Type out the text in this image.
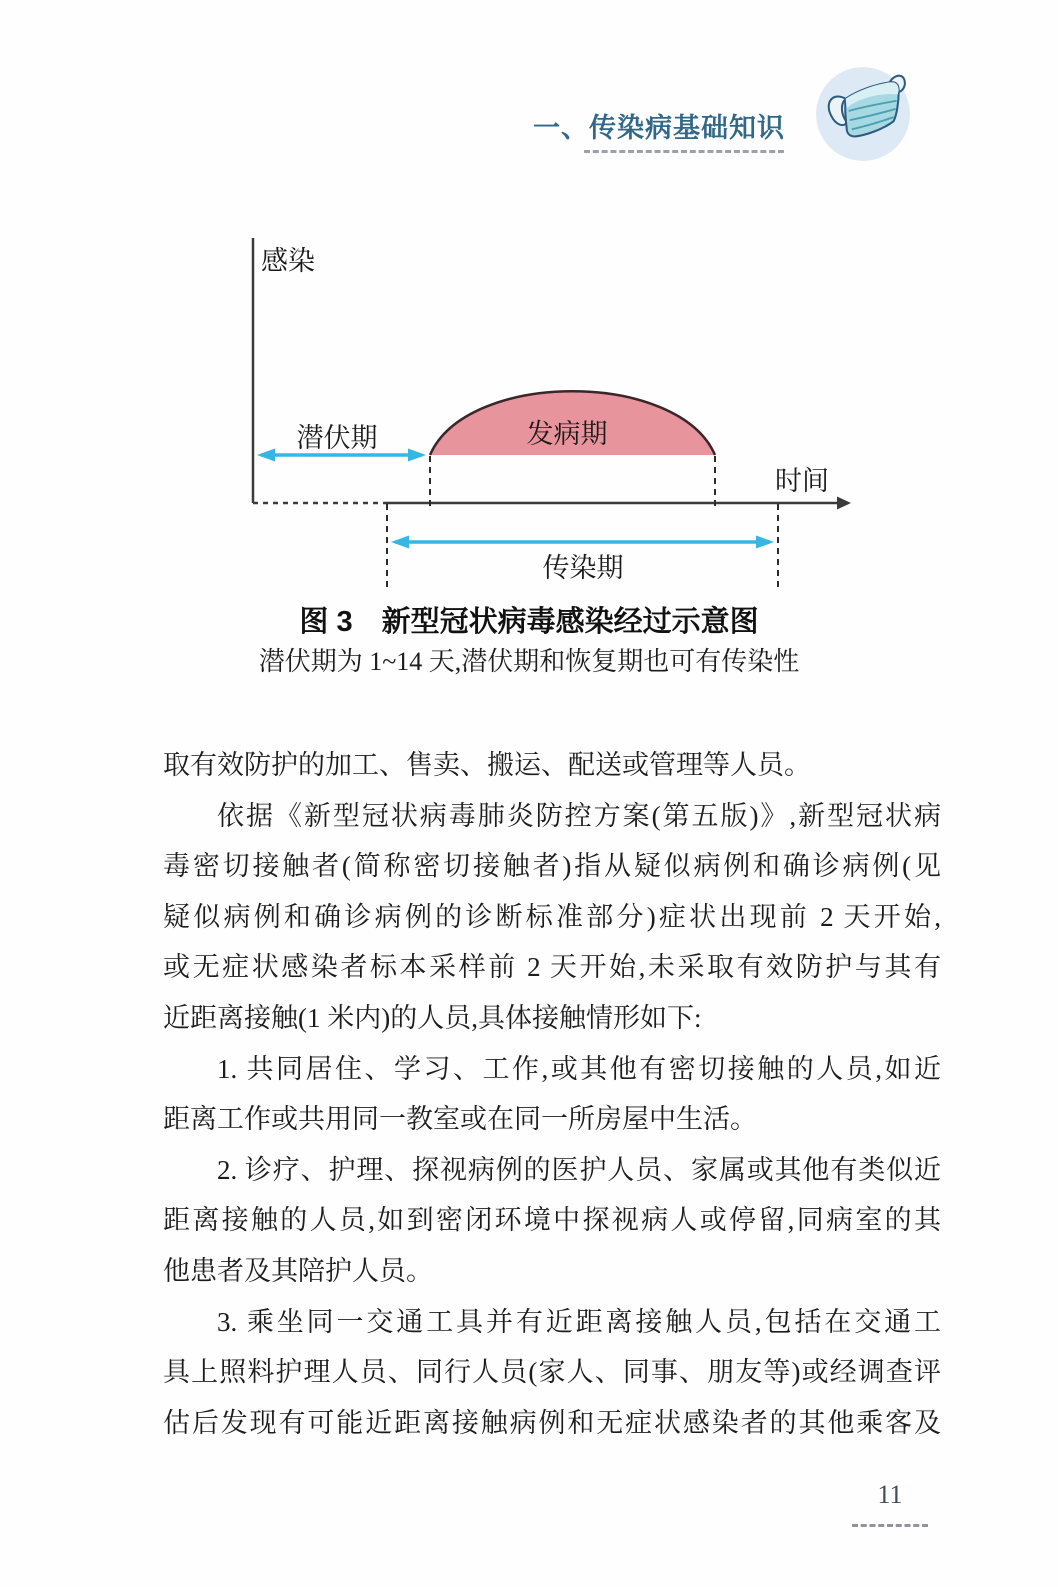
一、传染病基础知识
感染
时间
发病期
潜伏期
传染期
图 3　新型冠状病毒感染经过示意图
潜伏期为 1~14 天,潜伏期和恢复期也可有传染性
取有效防护的加工、售卖、搬运、配送或管理等人员。
依据《新型冠状病毒肺炎防控方案(第五版)》,新型冠状病
毒密切接触者(简称密切接触者)指从疑似病例和确诊病例(见
疑似病例和确诊病例的诊断标准部分)症状出现前 2 天开始,
或无症状感染者标本采样前 2 天开始,未采取有效防护与其有
近距离接触(1 米内)的人员,具体接触情形如下:
1. 共同居住、学习、工作,或其他有密切接触的人员,如近
距离工作或共用同一教室或在同一所房屋中生活。
2. 诊疗、护理、探视病例的医护人员、家属或其他有类似近
距离接触的人员,如到密闭环境中探视病人或停留,同病室的其
他患者及其陪护人员。
3. 乘坐同一交通工具并有近距离接触人员,包括在交通工
具上照料护理人员、同行人员(家人、同事、朋友等)或经调查评
估后发现有可能近距离接触病例和无症状感染者的其他乘客及
11
